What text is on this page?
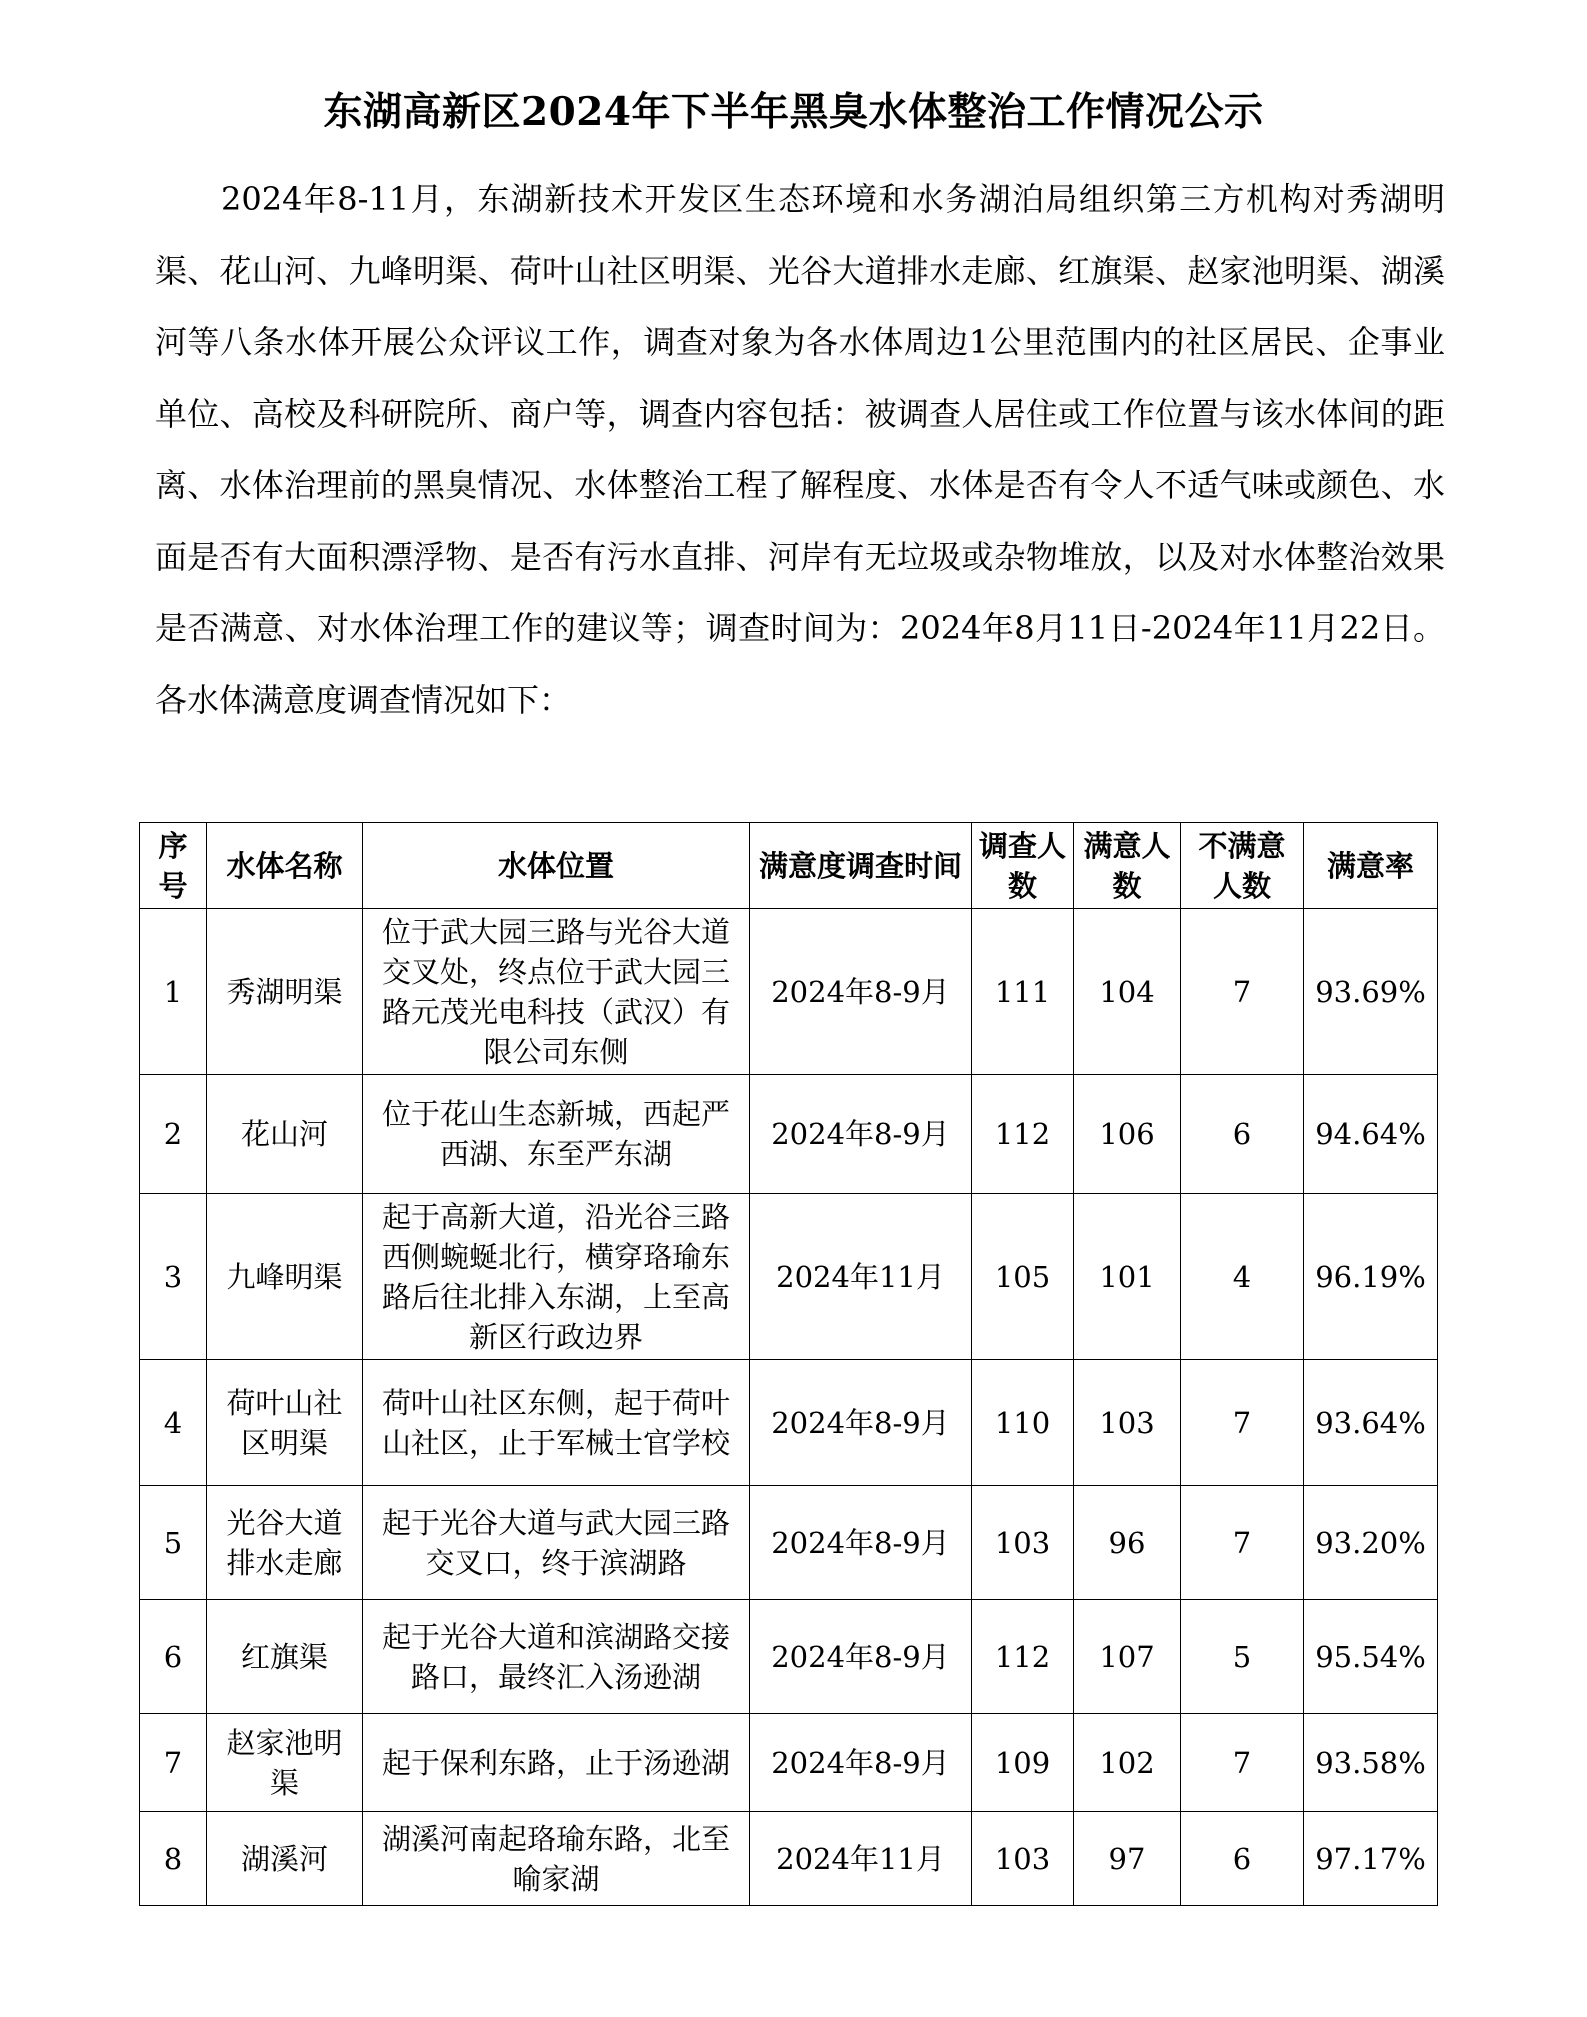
东湖高新区2024年下半年黑臭水体整治工作情况公示

2024年8-11月，东湖新技术开发区生态环境和水务湖泊局组织第三方机构对秀湖明渠、花山河、九峰明渠、荷叶山社区明渠、光谷大道排水走廊、红旗渠、赵家池明渠、湖溪河等八条水体开展公众评议工作，调查对象为各水体周边1公里范围内的社区居民、企事业单位、高校及科研院所、商户等，调查内容包括：被调查人居住或工作位置与该水体间的距离、水体治理前的黑臭情况、水体整治工程了解程度、水体是否有令人不适气味或颜色、水面是否有大面积漂浮物、是否有污水直排、河岸有无垃圾或杂物堆放，以及对水体整治效果是否满意、对水体治理工作的建议等；调查时间为：2024年8月11日-2024年11月22日。各水体满意度调查情况如下：

序号	水体名称	水体位置	满意度调查时间	调查人数	满意人数	不满意人数	满意率
1	秀湖明渠	位于武大园三路与光谷大道交叉处，终点位于武大园三路元茂光电科技（武汉）有限公司东侧	2024年8-9月	111	104	7	93.69%
2	花山河	位于花山生态新城，西起严西湖、东至严东湖	2024年8-9月	112	106	6	94.64%
3	九峰明渠	起于高新大道，沿光谷三路西侧蜿蜒北行，横穿珞瑜东路后往北排入东湖，上至高新区行政边界	2024年11月	105	101	4	96.19%
4	荷叶山社区明渠	荷叶山社区东侧，起于荷叶山社区，止于军械士官学校	2024年8-9月	110	103	7	93.64%
5	光谷大道排水走廊	起于光谷大道与武大园三路交叉口，终于滨湖路	2024年8-9月	103	96	7	93.20%
6	红旗渠	起于光谷大道和滨湖路交接路口，最终汇入汤逊湖	2024年8-9月	112	107	5	95.54%
7	赵家池明渠	起于保利东路，止于汤逊湖	2024年8-9月	109	102	7	93.58%
8	湖溪河	湖溪河南起珞瑜东路，北至喻家湖	2024年11月	103	97	6	97.17%
